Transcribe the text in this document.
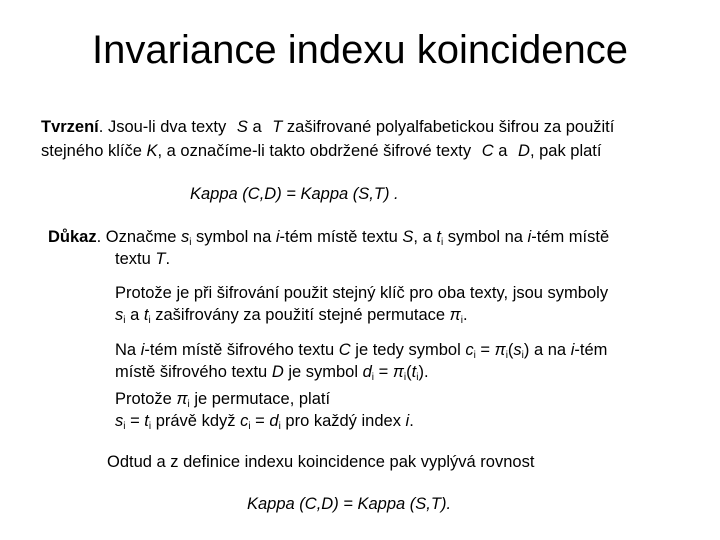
Invariance indexu koincidence
Tvrzení. Jsou-li dva texty S a T zašifrované polyalfabetickou šifrou za použití
stejného klíče K, a označíme-li takto obdržené šifrové texty C a D, pak platí
Kappa (C,D) = Kappa (S,T) .
Důkaz. Označme $s_i$ symbol na i-tém místě textu S, a $t_i$ symbol na i-tém místě
textu T.
Protože je při šifrování použit stejný klíč pro oba texty, jsou symboly
$s_i$ a $t_i$ zašifrovány za použití stejné permutace $\pi_i$.
Na i-tém místě šifrového textu C je tedy symbol $c_i = \pi_i(s_i)$ a na i-tém
místě šifrového textu D je symbol $d_i = \pi_i(t_i)$.
Protože $\pi_i$ je permutace, platí
$s_i = t_i$ právě když $c_i = d_i$ pro každý index i.
Odtud a z definice indexu koincidence pak vyplývá rovnost
Kappa (C,D) = Kappa (S,T).
